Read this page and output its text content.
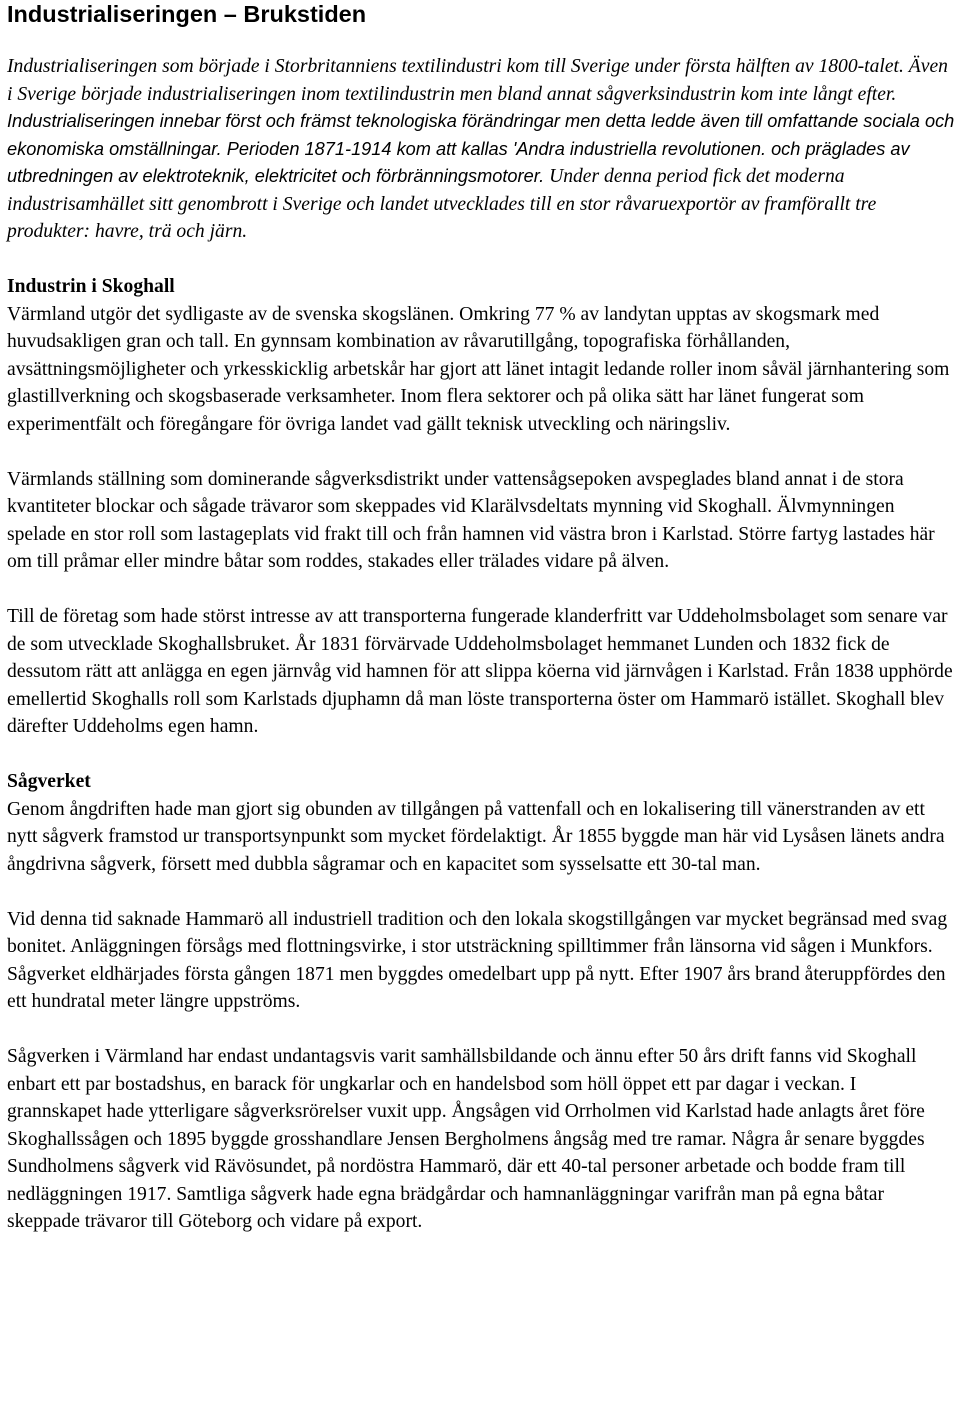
Industrialiseringen – Brukstiden

Industrialiseringen som började i Storbritanniens textilindustri kom till Sverige under första hälften av 1800-talet. Även i Sverige började industrialiseringen inom textilindustrin men bland annat sågverksindustrin kom inte långt efter. Industrialiseringen innebar först och främst teknologiska förändringar men detta ledde även till omfattande sociala och ekonomiska omställningar. Perioden 1871-1914 kom att kallas 'Andra industriella revolutionen. och präglades av utbredningen av elektroteknik, elektricitet och förbränningsmotorer. Under denna period fick det moderna industrisamhället sitt genombrott i Sverige och landet utvecklades till en stor råvaruexportör av framförallt tre produkter: havre, trä och järn.

Industrin i Skoghall

Värmland utgör det sydligaste av de svenska skogslänen. Omkring 77 % av landytan upptas av skogsmark med huvudsakligen gran och tall. En gynnsam kombination av råvarutillgång, topografiska förhållanden, avsättningsmöjligheter och yrkesskicklig arbetskår har gjort att länet intagit ledande roller inom såväl järnhantering som glastillverkning och skogsbaserade verksamheter. Inom flera sektorer och på olika sätt har länet fungerat som experimentfält och föregångare för övriga landet vad gällt teknisk utveckling och näringsliv.

Värmlands ställning som dominerande sågverksdistrikt under vattensågsepoken avspeglades bland annat i de stora kvantiteter blockar och sågade trävaror som skeppades vid Klarälvsdeltats mynning vid Skoghall. Älvmynningen spelade en stor roll som lastageplats vid frakt till och från hamnen vid västra bron i Karlstad. Större fartyg lastades här om till pråmar eller mindre båtar som roddes, stakades eller trälades vidare på älven.

Till de företag som hade störst intresse av att transporterna fungerade klanderfritt var Uddeholmsbolaget som senare var de som utvecklade Skoghallsbruket. År 1831 förvärvade Uddeholmsbolaget hemmanet Lunden och 1832 fick de dessutom rätt att anlägga en egen järnvåg vid hamnen för att slippa köerna vid järnvågen i Karlstad. Från 1838 upphörde emellertid Skoghalls roll som Karlstads djuphamn då man löste transporterna öster om Hammarö istället. Skoghall blev därefter Uddeholms egen hamn.

Sågverket

Genom ångdriften hade man gjort sig obunden av tillgången på vattenfall och en lokalisering till vänerstranden av ett nytt sågverk framstod ur transportsynpunkt som mycket fördelaktigt. År 1855 byggde man här vid Lysåsen länets andra ångdrivna sågverk, försett med dubbla sågramar och en kapacitet som sysselsatte ett 30-tal man.

Vid denna tid saknade Hammarö all industriell tradition och den lokala skogstillgången var mycket begränsad med svag bonitet. Anläggningen försågs med flottningsvirke, i stor utsträckning spilltimmer från länsorna vid sågen i Munkfors. Sågverket eldhärjades första gången 1871 men byggdes omedelbart upp på nytt. Efter 1907 års brand återuppfördes den ett hundratal meter längre uppströms.

Sågverken i Värmland har endast undantagsvis varit samhällsbildande och ännu efter 50 års drift fanns vid Skoghall enbart ett par bostadshus, en barack för ungkarlar och en handelsbod som höll öppet ett par dagar i veckan. I grannskapet hade ytterligare sågverksrörelser vuxit upp. Ångsågen vid Orrholmen vid Karlstad hade anlagts året före Skoghallssågen och 1895 byggde grosshandlare Jensen Bergholmens ångsåg med tre ramar. Några år senare byggdes Sundholmens sågverk vid Rävösundet, på nordöstra Hammarö, där ett 40-tal personer arbetade och bodde fram till nedläggningen 1917. Samtliga sågverk hade egna brädgårdar och hamnanläggningar varifrån man på egna båtar skeppade trävaror till Göteborg och vidare på export.
